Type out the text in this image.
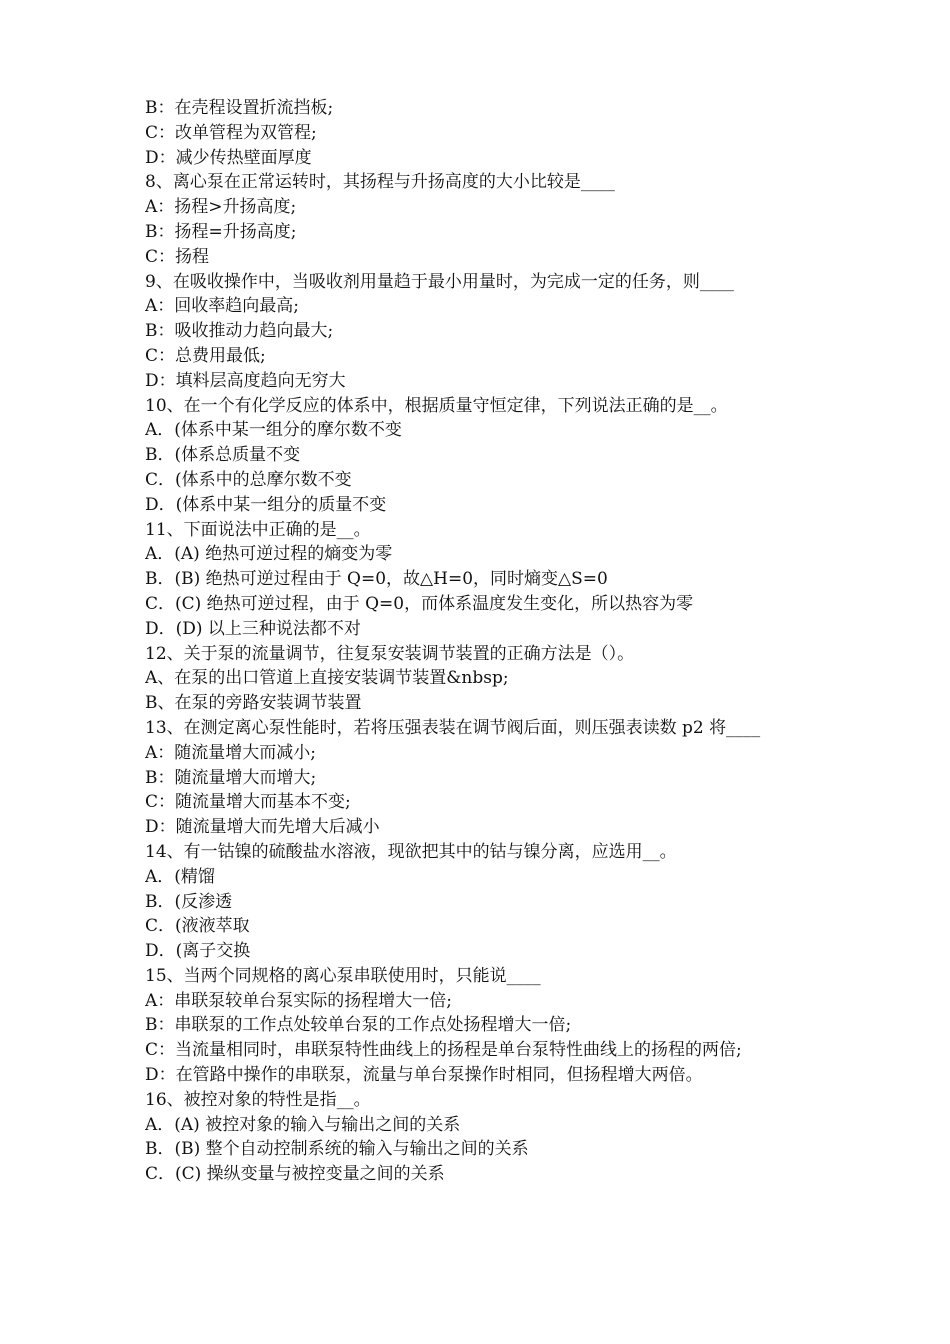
B：在壳程设置折流挡板;
C：改单管程为双管程;
D：减少传热壁面厚度
8、离心泵在正常运转时，其扬程与升扬高度的大小比较是____
A：扬程>升扬高度;
B：扬程=升扬高度;
C：扬程
9、在吸收操作中，当吸收剂用量趋于最小用量时，为完成一定的任务，则____
A：回收率趋向最高;
B：吸收推动力趋向最大;
C：总费用最低;
D：填料层高度趋向无穷大
10、在一个有化学反应的体系中，根据质量守恒定律，下列说法正确的是__。
A．(体系中某一组分的摩尔数不变
B．(体系总质量不变
C．(体系中的总摩尔数不变
D．(体系中某一组分的质量不变
11、下面说法中正确的是__。
A．(A) 绝热可逆过程的熵变为零
B．(B) 绝热可逆过程由于 Q=0，故△H=0，同时熵变△S=0
C．(C) 绝热可逆过程，由于 Q=0，而体系温度发生变化，所以热容为零
D．(D) 以上三种说法都不对
12、关于泵的流量调节，往复泵安装调节装置的正确方法是（）。
A、在泵的出口管道上直接安装调节装置&nbsp;
B、在泵的旁路安装调节装置
13、在测定离心泵性能时，若将压强表装在调节阀后面，则压强表读数 p2 将____
A：随流量增大而减小;
B：随流量增大而增大;
C：随流量增大而基本不变;
D：随流量增大而先增大后减小
14、有一钴镍的硫酸盐水溶液，现欲把其中的钴与镍分离，应选用__。
A．(精馏
B．(反渗透
C．(液液萃取
D．(离子交换
15、当两个同规格的离心泵串联使用时，只能说____
A：串联泵较单台泵实际的扬程增大一倍;
B：串联泵的工作点处较单台泵的工作点处扬程增大一倍;
C：当流量相同时，串联泵特性曲线上的扬程是单台泵特性曲线上的扬程的两倍;
D：在管路中操作的串联泵，流量与单台泵操作时相同，但扬程增大两倍。
16、被控对象的特性是指__。
A．(A) 被控对象的输入与输出之间的关系
B．(B) 整个自动控制系统的输入与输出之间的关系
C．(C) 操纵变量与被控变量之间的关系
